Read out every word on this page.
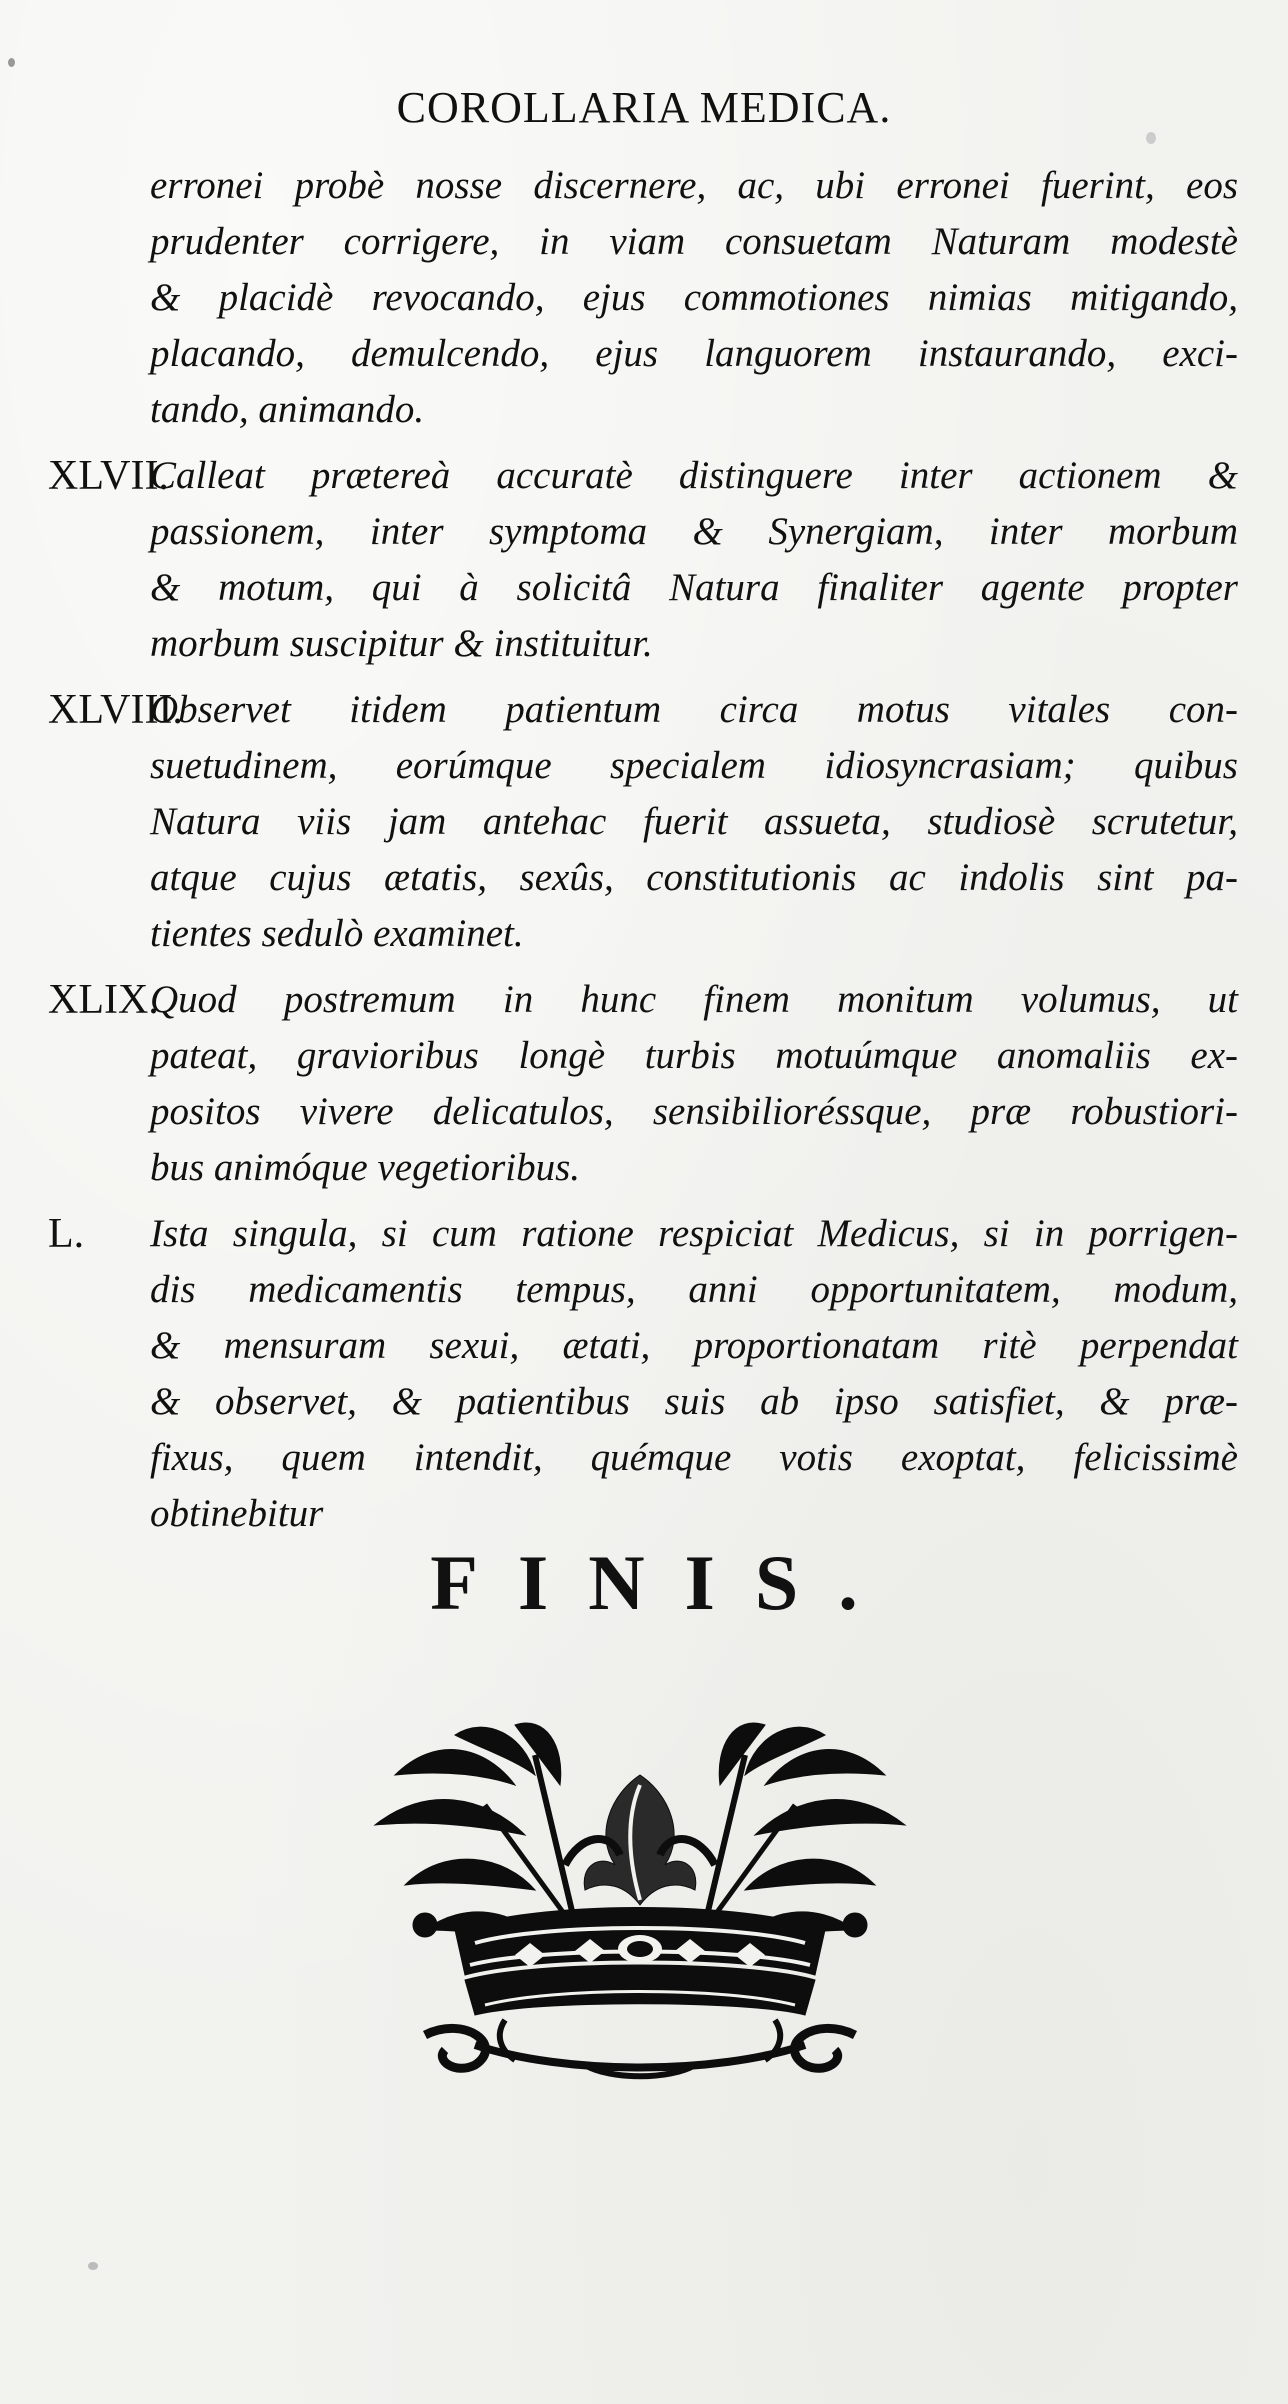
COROLLARIA MEDICA.
erronei probè nosse discernere, ac, ubi erronei fuerint, eos
prudenter corrigere, in viam consuetam Naturam modestè
& placidè revocando, ejus commotiones nimias mitigando,
placando, demulcendo, ejus languorem instaurando, exci-
tando, animando.
XLVII.
Calleat prætereà accuratè distinguere inter actionem &
passionem, inter symptoma & Synergiam, inter morbum
& motum, qui à solicitâ Natura finaliter agente propter
morbum suscipitur & instituitur.
XLVIII.
Observet itidem patientum circa motus vitales con-
suetudinem, eorúmque specialem idiosyncrasiam; quibus
Natura viis jam antehac fuerit assueta, studiosè scrutetur,
atque cujus ætatis, sexûs, constitutionis ac indolis sint pa-
tientes sedulò examinet.
XLIX.
Quod postremum in hunc finem monitum volumus, ut
pateat, gravioribus longè turbis motuúmque anomaliis ex-
positos vivere delicatulos, sensibilioréssque, præ robustiori-
bus animóque vegetioribus.
L. Ista singula, si cum ratione respiciat Medicus, si in porrigen-
dis medicamentis tempus, anni opportunitatem, modum,
& mensuram sexui, ætati, proportionatam ritè perpendat
& observet, & patientibus suis ab ipso satisfiet, & præ-
fixus, quem intendit, quémque votis exoptat, felicissimè
obtinebitur
FINIS.
